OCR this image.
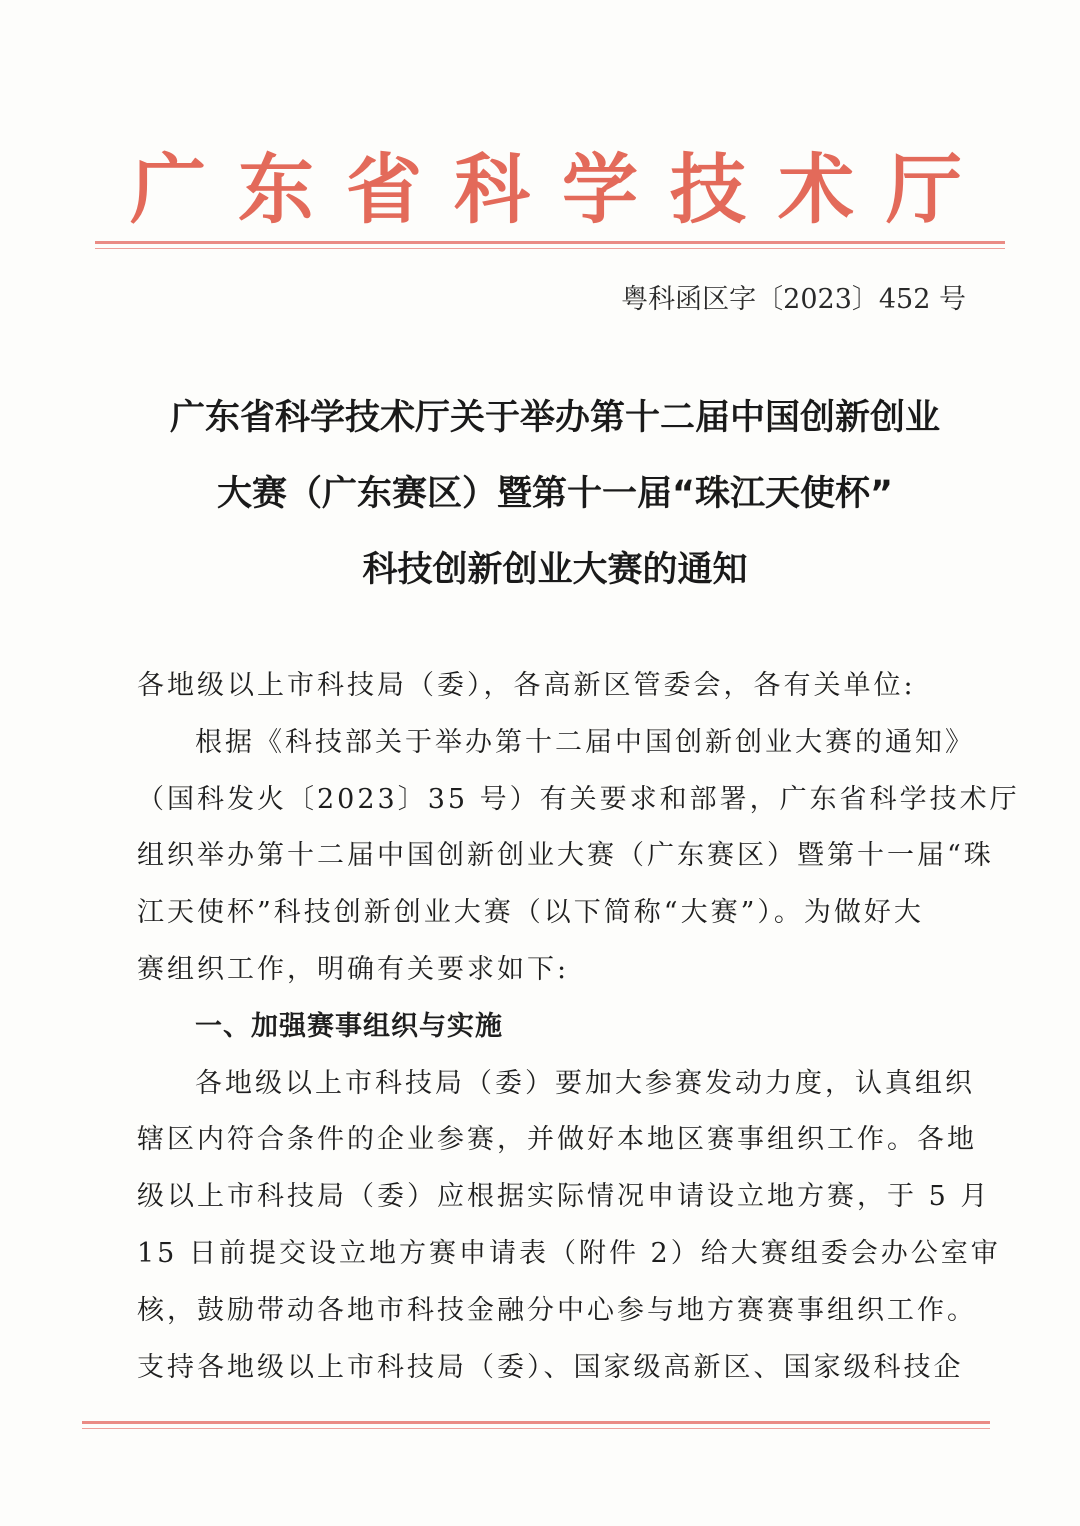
广东省科学技术厅

粤科函区字〔2023〕452 号

广东省科学技术厅关于举办第十二届中国创新创业
大赛（广东赛区）暨第十一届“珠江天使杯”
科技创新创业大赛的通知

各地级以上市科技局（委），各高新区管委会，各有关单位:

根据《科技部关于举办第十二届中国创新创业大赛的通知》

（国科发火〔2023〕35 号）有关要求和部署，广东省科学技术厅

组织举办第十二届中国创新创业大赛（广东赛区）暨第十一届“珠

江天使杯”科技创新创业大赛（以下简称“大赛”）。为做好大

赛组织工作，明确有关要求如下:

一、加强赛事组织与实施

各地级以上市科技局（委）要加大参赛发动力度，认真组织

辖区内符合条件的企业参赛，并做好本地区赛事组织工作。各地

级以上市科技局（委）应根据实际情况申请设立地方赛，于 5 月

15 日前提交设立地方赛申请表（附件 2）给大赛组委会办公室审

核，鼓励带动各地市科技金融分中心参与地方赛赛事组织工作。

支持各地级以上市科技局（委）、国家级高新区、国家级科技企
